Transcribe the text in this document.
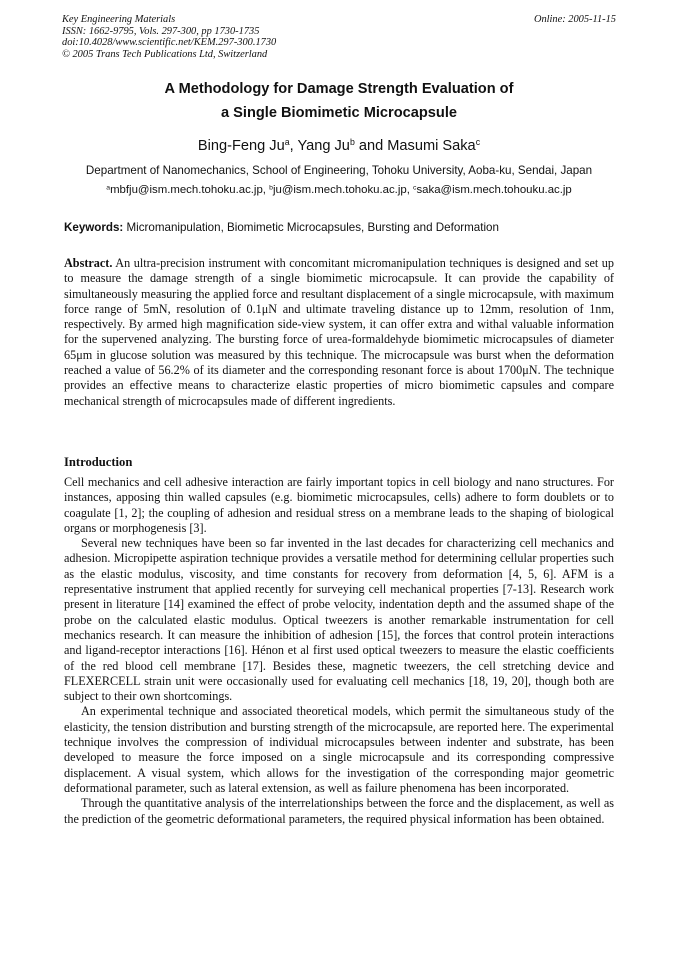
Key Engineering Materials
ISSN: 1662-9795, Vols. 297-300, pp 1730-1735
doi:10.4028/www.scientific.net/KEM.297-300.1730
© 2005 Trans Tech Publications Ltd, Switzerland
Online: 2005-11-15
A Methodology for Damage Strength Evaluation of
a Single Biomimetic Microcapsule
Bing-Feng Ju$^a$, Yang Ju$^b$ and Masumi Saka$^c$
Department of Nanomechanics, School of Engineering, Tohoku University, Aoba-ku, Sendai, Japan
$^a$mbfju@ism.mech.tohoku.ac.jp, $^b$ju@ism.mech.tohoku.ac.jp, $^c$saka@ism.mech.tohouku.ac.jp
Keywords: Micromanipulation, Biomimetic Microcapsules, Bursting and Deformation
Abstract. An ultra-precision instrument with concomitant micromanipulation techniques is designed and set up to measure the damage strength of a single biomimetic microcapsule. It can provide the capability of simultaneously measuring the applied force and resultant displacement of a single microcapsule, with maximum force range of 5mN, resolution of 0.1μN and ultimate traveling distance up to 12mm, resolution of 1nm, respectively. By armed high magnification side-view system, it can offer extra and withal valuable information for the supervened analyzing. The bursting force of urea-formaldehyde biomimetic microcapsules of diameter 65μm in glucose solution was measured by this technique. The microcapsule was burst when the deformation reached a value of 56.2% of its diameter and the corresponding resonant force is about 1700μN. The technique provides an effective means to characterize elastic properties of micro biomimetic capsules and compare mechanical strength of microcapsules made of different ingredients.
Introduction

Cell mechanics and cell adhesive interaction are fairly important topics in cell biology and nano structures. For instances, apposing thin walled capsules (e.g. biomimetic microcapsules, cells) adhere to form doublets or to coagulate [1, 2]; the coupling of adhesion and residual stress on a membrane leads to the shaping of biological organs or morphogenesis [3].

Several new techniques have been so far invented in the last decades for characterizing cell mechanics and adhesion. Micropipette aspiration technique provides a versatile method for determining cellular properties such as the elastic modulus, viscosity, and time constants for recovery from deformation [4, 5, 6]. AFM is a representative instrument that applied recently for surveying cell mechanical properties [7-13]. Research work present in literature [14] examined the effect of probe velocity, indentation depth and the assumed shape of the probe on the calculated elastic modulus. Optical tweezers is another remarkable instrumentation for cell mechanics research. It can measure the inhibition of adhesion [15], the forces that control protein interactions and ligand-receptor interactions [16]. Hénon et al first used optical tweezers to measure the elastic coefficients of the red blood cell membrane [17]. Besides these, magnetic tweezers, the cell stretching device and FLEXERCELL strain unit were occasionally used for evaluating cell mechanics [18, 19, 20], though both are subject to their own shortcomings.

An experimental technique and associated theoretical models, which permit the simultaneous study of the elasticity, the tension distribution and bursting strength of the microcapsule, are reported here. The experimental technique involves the compression of individual microcapsules between indenter and substrate, has been developed to measure the force imposed on a single microcapsule and its corresponding compressive displacement. A visual system, which allows for the investigation of the corresponding major geometric deformational parameter, such as lateral extension, as well as failure phenomena has been incorporated.

Through the quantitative analysis of the interrelationships between the force and the displacement, as well as the prediction of the geometric deformational parameters, the required physical information has been obtained.
